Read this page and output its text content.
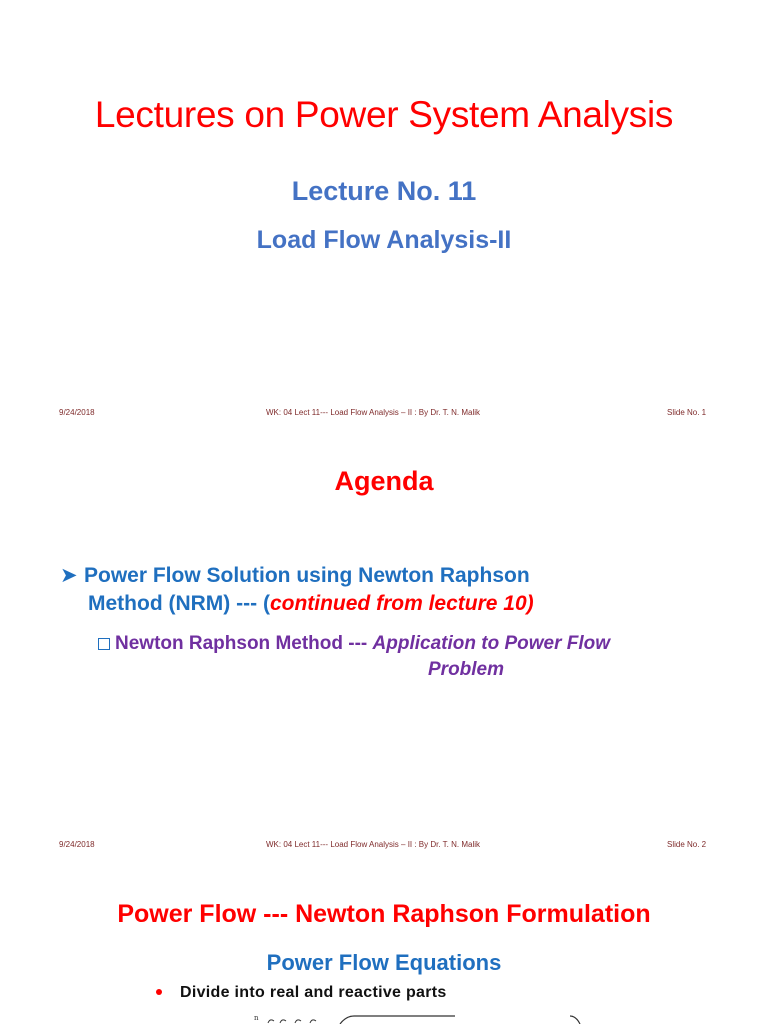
Lectures on Power System Analysis
Lecture No. 11
Load Flow Analysis-II
9/24/2018	WK: 04 Lect 11--- Load Flow Analysis – II : By Dr. T. N. Malik	Slide No. 1
Agenda
➤ Power Flow Solution using Newton Raphson
Method (NRM) --- (continued from lecture 10)
Newton Raphson Method --- Application to Power Flow
Problem
9/24/2018	WK: 04 Lect 11--- Load Flow Analysis – II : By Dr. T. N. Malik	Slide No. 2
Power Flow --- Newton Raphson Formulation
Power Flow Equations
Divide into real and reactive parts
n
